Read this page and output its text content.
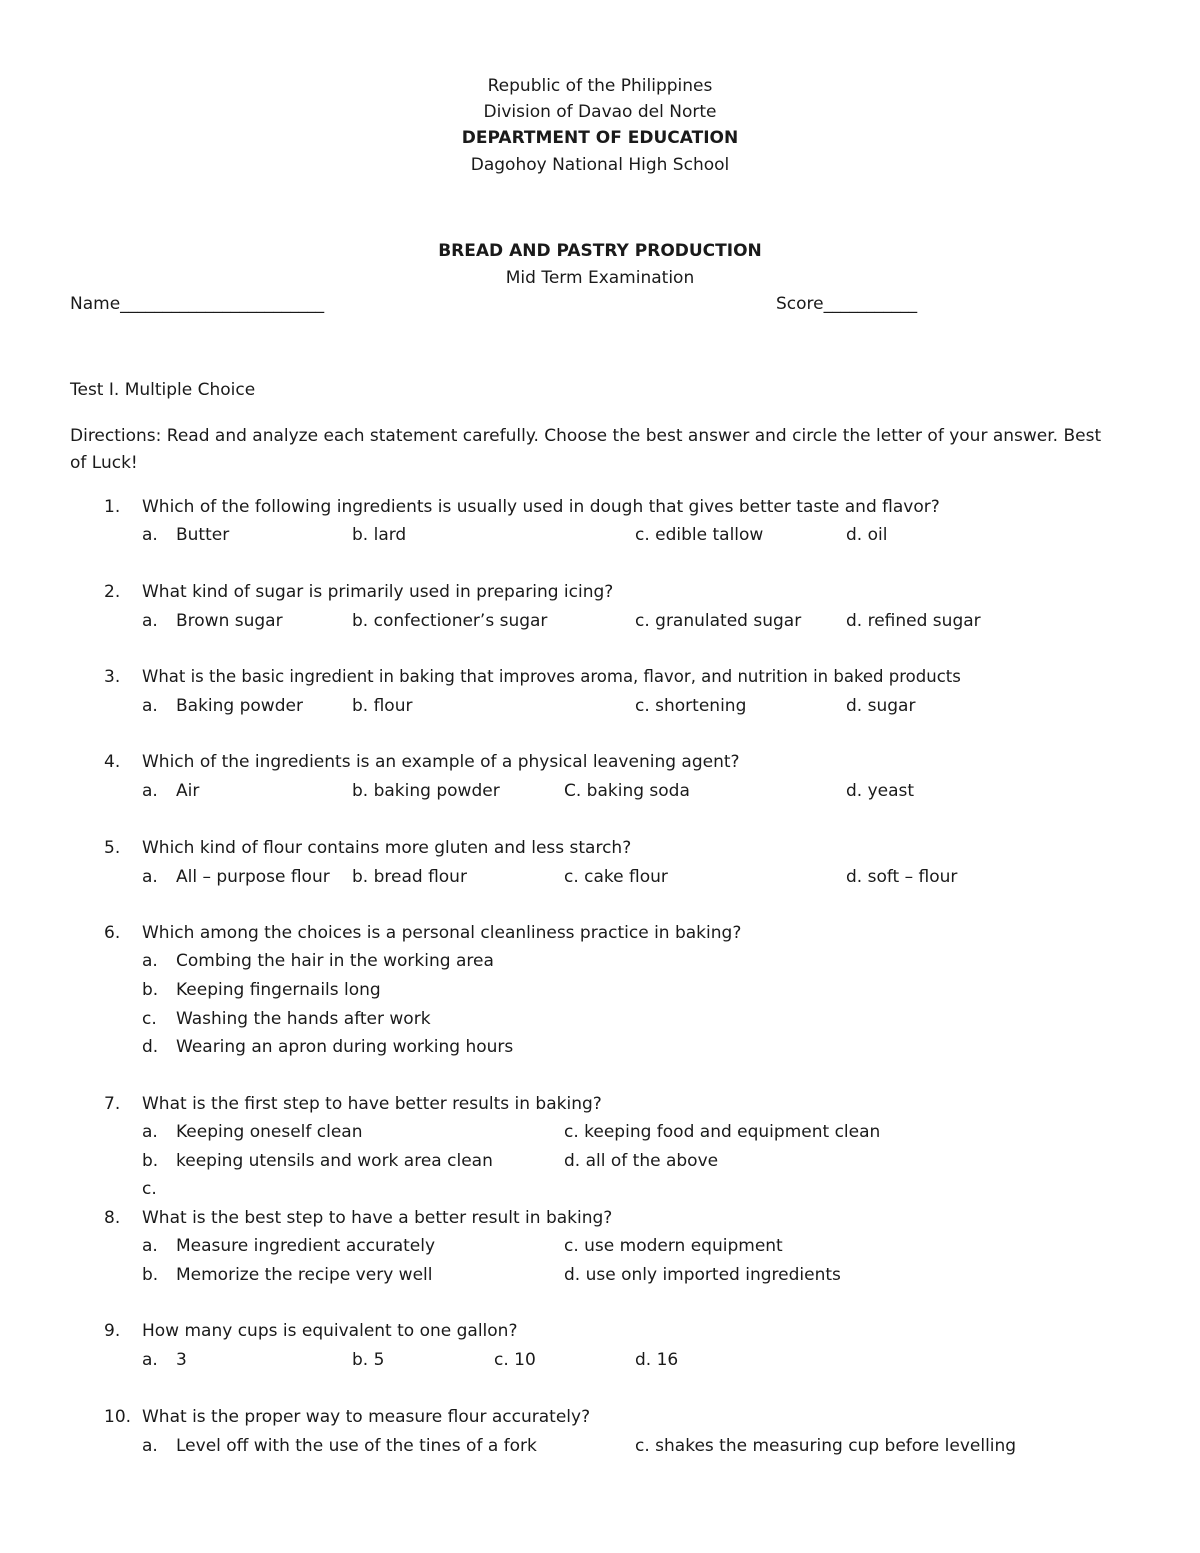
Republic of the Philippines
Division of Davao del Norte
DEPARTMENT OF EDUCATION
Dagohoy National High School
BREAD AND PASTRY PRODUCTION
Mid Term Examination
Name________________________	Score___________
Test I. Multiple Choice
Directions: Read and analyze each statement carefully. Choose the best answer and circle the letter of your answer. Best
of Luck!
1. Which of the following ingredients is usually used in dough that gives better taste and flavor?
a. Butter	b. lard	c. edible tallow	d. oil
2. What kind of sugar is primarily used in preparing icing?
a. Brown sugar	b. confectioner’s sugar	c. granulated sugar	d. refined sugar
3. What is the basic ingredient in baking that improves aroma, flavor, and nutrition in baked products
a. Baking powder	b. flour	c. shortening	d. sugar
4. Which of the ingredients is an example of a physical leavening agent?
a. Air	b. baking powder	C. baking soda	d. yeast
5. Which kind of flour contains more gluten and less starch?
a. All – purpose flour b. bread flour	c. cake flour	d. soft – flour
6. Which among the choices is a personal cleanliness practice in baking?
a. Combing the hair in the working area
b. Keeping fingernails long
c. Washing the hands after work
d. Wearing an apron during working hours
7. What is the first step to have better results in baking?
a. Keeping oneself clean	c. keeping food and equipment clean
b. keeping utensils and work area clean	d. all of the above
c.
8. What is the best step to have a better result in baking?
a. Measure ingredient accurately	c. use modern equipment
b. Memorize the recipe very well	d. use only imported ingredients
9. How many cups is equivalent to one gallon?
a. 3	b. 5	c. 10	d. 16
10. What is the proper way to measure flour accurately?
a. Level off with the use of the tines of a fork	c. shakes the measuring cup before levelling
